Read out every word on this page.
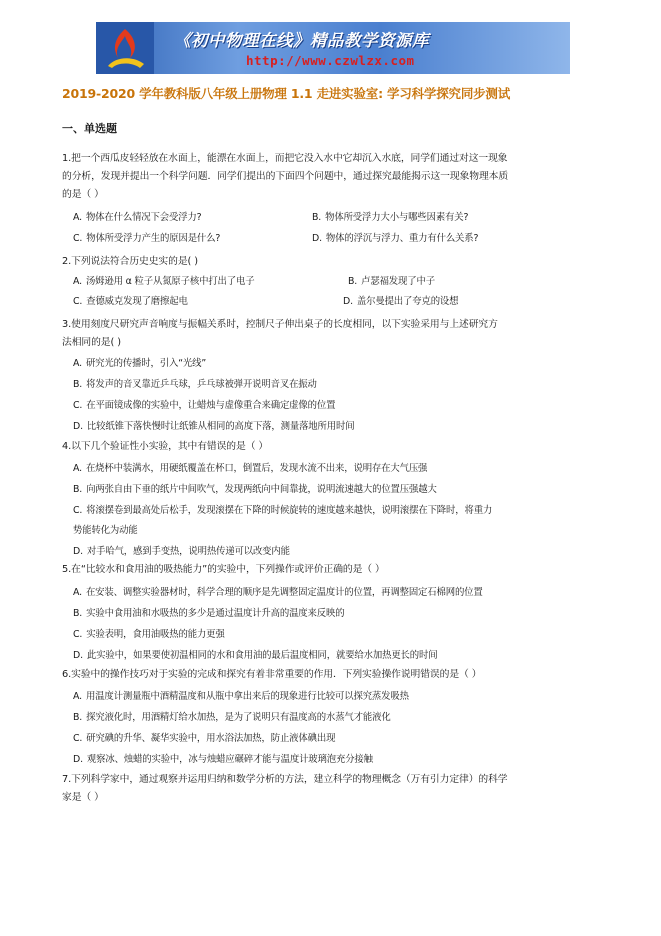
《初中物理在线》精品教学资源库
http://www.czwlzx.com
2019-2020 学年教科版八年级上册物理 1.1 走进实验室: 学习科学探究同步测试
一、单选题
1.把一个西瓜皮轻轻放在水面上，能漂在水面上，而把它没入水中它却沉入水底，同学们通过对这一现象
的分析，发现并提出一个科学问题．同学们提出的下面四个问题中，通过探究最能揭示这一现象物理本质
的是（ ）
A. 物体在什么情况下会受浮力?	B. 物体所受浮力大小与哪些因素有关?
C. 物体所受浮力产生的原因是什么?	D. 物体的浮沉与浮力、重力有什么关系?
2.下列说法符合历史史实的是( )
A. 汤姆逊用 α 粒子从氮原子核中打出了电子	B. 卢瑟福发现了中子
C. 查德威克发现了磨擦起电	D. 盖尔曼提出了夸克的设想
3.使用刻度尺研究声音响度与振幅关系时，控制尺子伸出桌子的长度相同，以下实验采用与上述研究方
法相同的是( )
A. 研究光的传播时，引入“光线”
B. 将发声的音叉靠近乒乓球，乒乓球被弹开说明音叉在振动
C. 在平面镜成像的实验中，让蜡烛与虚像重合来确定虚像的位置
D. 比较纸锥下落快慢时让纸锥从相同的高度下落，测量落地所用时间
4.以下几个验证性小实验，其中有错误的是（ ）
A. 在烧杯中装满水，用硬纸覆盖在杯口，倒置后，发现水流不出来，说明存在大气压强
B. 向两张自由下垂的纸片中间吹气，发现两纸向中间靠拢，说明流速越大的位置压强越大
C. 将滚摆卷到最高处后松手，发现滚摆在下降的时候旋转的速度越来越快，说明滚摆在下降时，将重力
势能转化为动能
D. 对手哈气，感到手变热，说明热传递可以改变内能
5.在“比较水和食用油的吸热能力”的实验中，下列操作或评价正确的是（ ）
A. 在安装、调整实验器材时，科学合理的顺序是先调整固定温度计的位置，再调整固定石棉网的位置
B. 实验中食用油和水吸热的多少是通过温度计升高的温度来反映的
C. 实验表明，食用油吸热的能力更强
D. 此实验中，如果要使初温相同的水和食用油的最后温度相同，就要给水加热更长的时间
6.实验中的操作技巧对于实验的完成和探究有着非常重要的作用．下列实验操作说明错误的是（ ）
A. 用温度计测量瓶中酒精温度和从瓶中拿出来后的现象进行比较可以探究蒸发吸热
B. 探究液化时，用酒精灯给水加热，是为了说明只有温度高的水蒸气才能液化
C. 研究碘的升华、凝华实验中，用水浴法加热，防止液体碘出现
D. 观察冰、烛蜡的实验中，冰与烛蜡应碾碎才能与温度计玻璃泡充分接触
7.下列科学家中，通过观察并运用归纳和数学分析的方法，建立科学的物理概念（万有引力定律）的科学
家是（ ）
